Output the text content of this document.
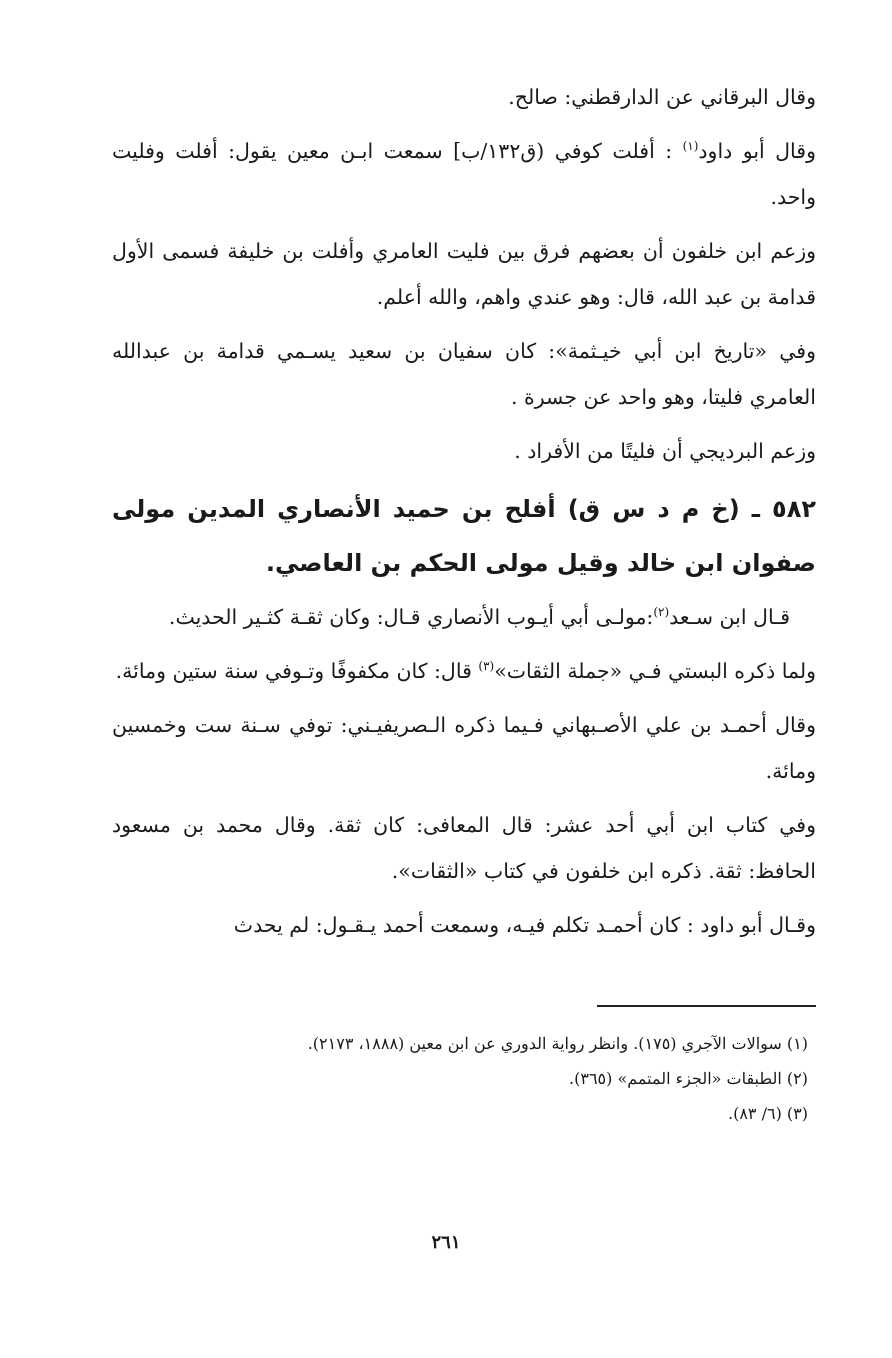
وقال البرقاني عن الدارقطني: صالح.

وقال أبو داود$^{(١)}$ : أفلت كوفي (ق١٣٢/ب] سمعت ابـن معين يقول: أفلت وفليت واحد.

وزعم ابن خلفون أن بعضهم فرق بين فليت العامري وأفلت بن خليفة فسمى الأول قدامة بن عبد الله، قال: وهو عندي واهم، والله أعلم.

وفي «تاريخ ابن أبي خيـثمة»: كان سفيان بن سعيد يسـمي قدامة بن عبدالله العامري فليتا، وهو واحد عن جسرة .

وزعم البرديجي أن فليتًا من الأفراد .

٥٨٢ ـ (خ م د س ق) أفلح بن حميد الأنصاري المدين مولى صفوان ابن خالد وقيل مولى الحكم بن العاصي.

قـال ابن سـعد$^{(٢)}$:مولـى أبي أيـوب الأنصاري قـال: وكان ثقـة كثـير الحديث.

ولما ذكره البستي فـي «جملة الثقات»$^{(٣)}$ قال: كان مكفوفًا وتـوفي سنة ستين ومائة.

وقال أحمـد بن علي الأصـبهاني فـيما ذكره الـصريفيـني: توفي سـنة ست وخمسين ومائة.

وفي كتاب ابن أبي أحد عشر: قال المعافى: كان ثقة. وقال محمد بن مسعود الحافظ: ثقة. ذكره ابن خلفون في كتاب «الثقات».

وقـال أبو داود : كان أحمـد تكلم فيـه، وسمعت أحمد يـقـول: لم يحدث

(١) سوالات الآجري (١٧٥). وانظر رواية الدوري عن ابن معين (١٨٨٨، ٢١٧٣).

(٢) الطبقات «الجزء المتمم» (٣٦٥).

(٣) (٦/ ٨٣).

٢٦١
